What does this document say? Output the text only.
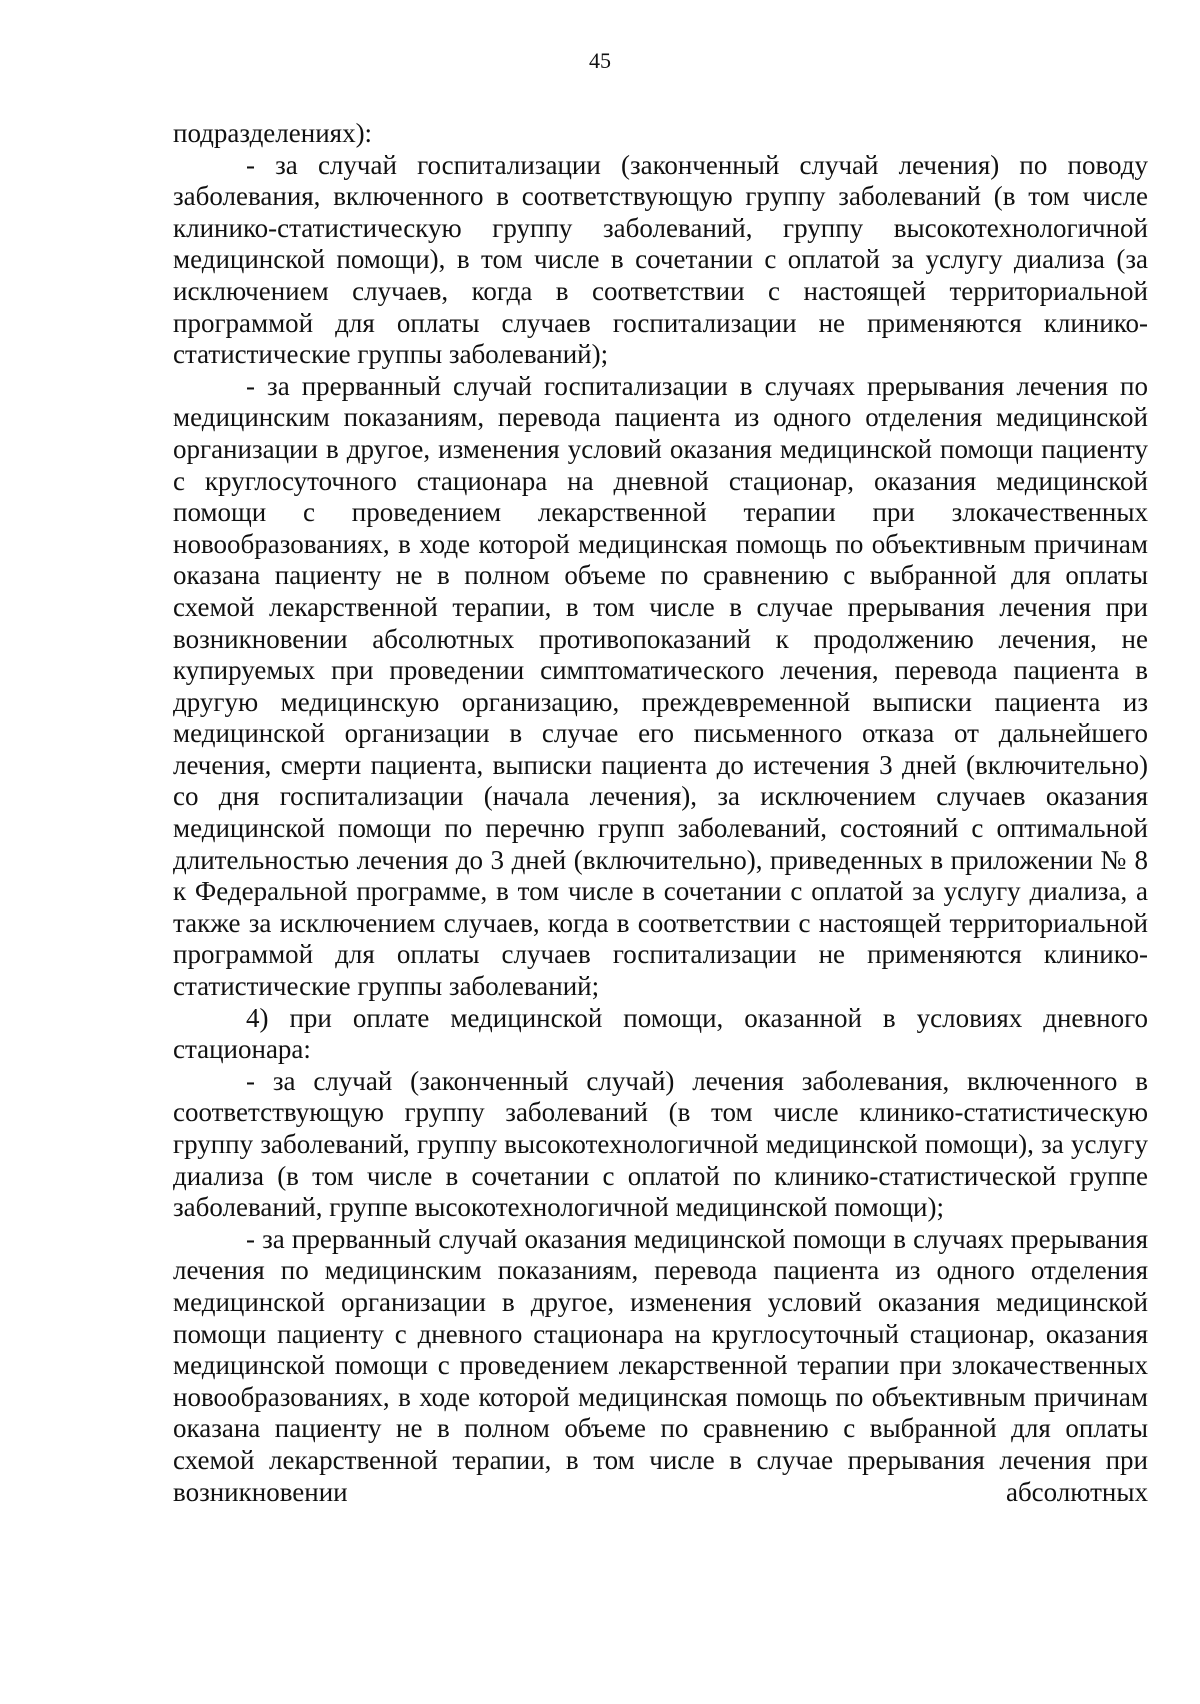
45

подразделениях):

- за случай госпитализации (законченный случай лечения) по поводу заболевания, включенного в соответствующую группу заболеваний (в том числе клинико-статистическую группу заболеваний, группу высокотехнологичной медицинской помощи), в том числе в сочетании с оплатой за услугу диализа (за исключением случаев, когда в соответствии с настоящей территориальной программой для оплаты случаев госпитализации не применяются клинико-статистические группы заболеваний);

- за прерванный случай госпитализации в случаях прерывания лечения по медицинским показаниям, перевода пациента из одного отделения медицинской организации в другое, изменения условий оказания медицинской помощи пациенту с круглосуточного стационара на дневной стационар, оказания медицинской помощи с проведением лекарственной терапии при злокачественных новообразованиях, в ходе которой медицинская помощь по объективным причинам оказана пациенту не в полном объеме по сравнению с выбранной для оплаты схемой лекарственной терапии, в том числе в случае прерывания лечения при возникновении абсолютных противопоказаний к продолжению лечения, не купируемых при проведении симптоматического лечения, перевода пациента в другую медицинскую организацию, преждевременной выписки пациента из медицинской организации в случае его письменного отказа от дальнейшего лечения, смерти пациента, выписки пациента до истечения 3 дней (включительно) со дня госпитализации (начала лечения), за исключением случаев оказания медицинской помощи по перечню групп заболеваний, состояний с оптимальной длительностью лечения до 3 дней (включительно), приведенных в приложении № 8 к Федеральной программе, в том числе в сочетании с оплатой за услугу диализа, а также за исключением случаев, когда в соответствии с настоящей территориальной программой для оплаты случаев госпитализации не применяются клинико-статистические группы заболеваний;

4) при оплате медицинской помощи, оказанной в условиях дневного стационара:

- за случай (законченный случай) лечения заболевания, включенного в соответствующую группу заболеваний (в том числе клинико-статистическую группу заболеваний, группу высокотехнологичной медицинской помощи), за услугу диализа (в том числе в сочетании с оплатой по клинико-статистической группе заболеваний, группе высокотехнологичной медицинской помощи);

- за прерванный случай оказания медицинской помощи в случаях прерывания лечения по медицинским показаниям, перевода пациента из одного отделения медицинской организации в другое, изменения условий оказания медицинской помощи пациенту с дневного стационара на круглосуточный стационар, оказания медицинской помощи с проведением лекарственной терапии при злокачественных новообразованиях, в ходе которой медицинская помощь по объективным причинам оказана пациенту не в полном объеме по сравнению с выбранной для оплаты схемой лекарственной терапии, в том числе в случае прерывания лечения при возникновении абсолютных
